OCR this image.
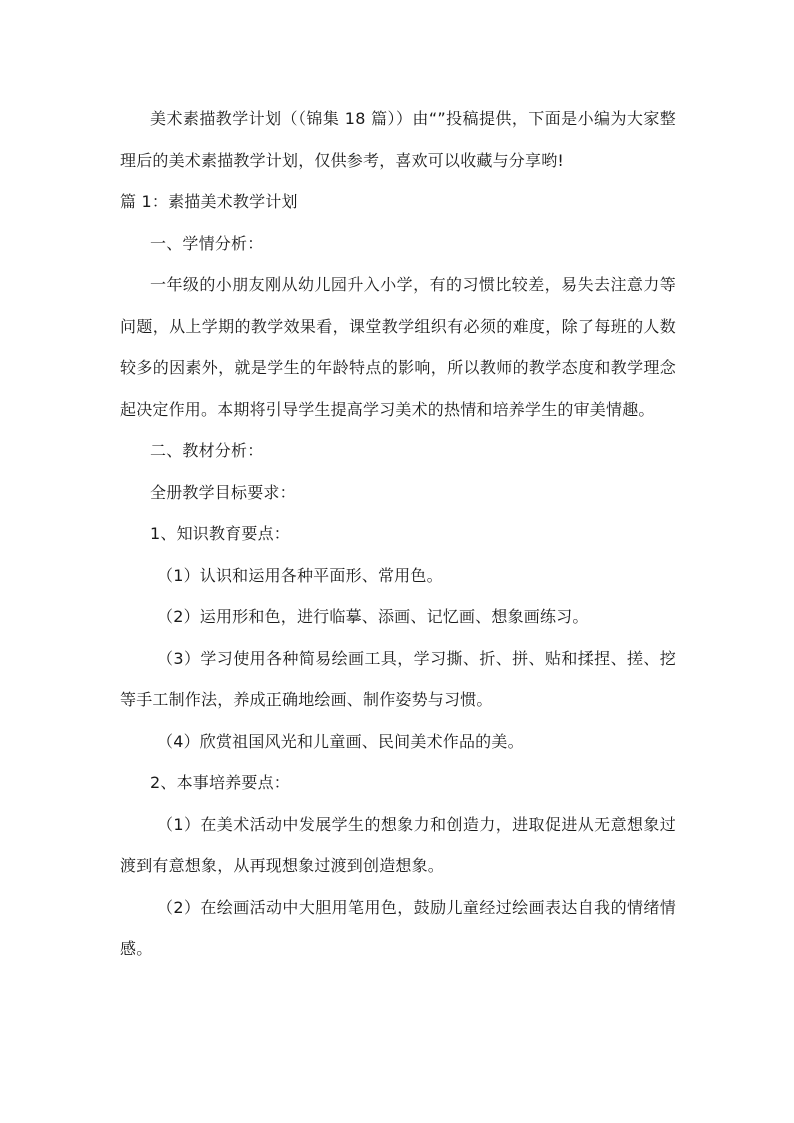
美术素描教学计划（（锦集 18 篇））由“”投稿提供，下面是小编为大家整理后的美术素描教学计划，仅供参考，喜欢可以收藏与分享哟!

篇 1：素描美术教学计划

一、学情分析：

一年级的小朋友刚从幼儿园升入小学，有的习惯比较差，易失去注意力等问题，从上学期的教学效果看，课堂教学组织有必须的难度，除了每班的人数较多的因素外，就是学生的年龄特点的影响，所以教师的教学态度和教学理念起决定作用。本期将引导学生提高学习美术的热情和培养学生的审美情趣。

二、教材分析：

全册教学目标要求：

1、知识教育要点：

（1）认识和运用各种平面形、常用色。

（2）运用形和色，进行临摹、添画、记忆画、想象画练习。

（3）学习使用各种简易绘画工具，学习撕、折、拼、贴和揉捏、搓、挖等手工制作法，养成正确地绘画、制作姿势与习惯。

（4）欣赏祖国风光和儿童画、民间美术作品的美。

2、本事培养要点：

（1）在美术活动中发展学生的想象力和创造力，进取促进从无意想象过渡到有意想象，从再现想象过渡到创造想象。

（2）在绘画活动中大胆用笔用色，鼓励儿童经过绘画表达自我的情绪情感。
